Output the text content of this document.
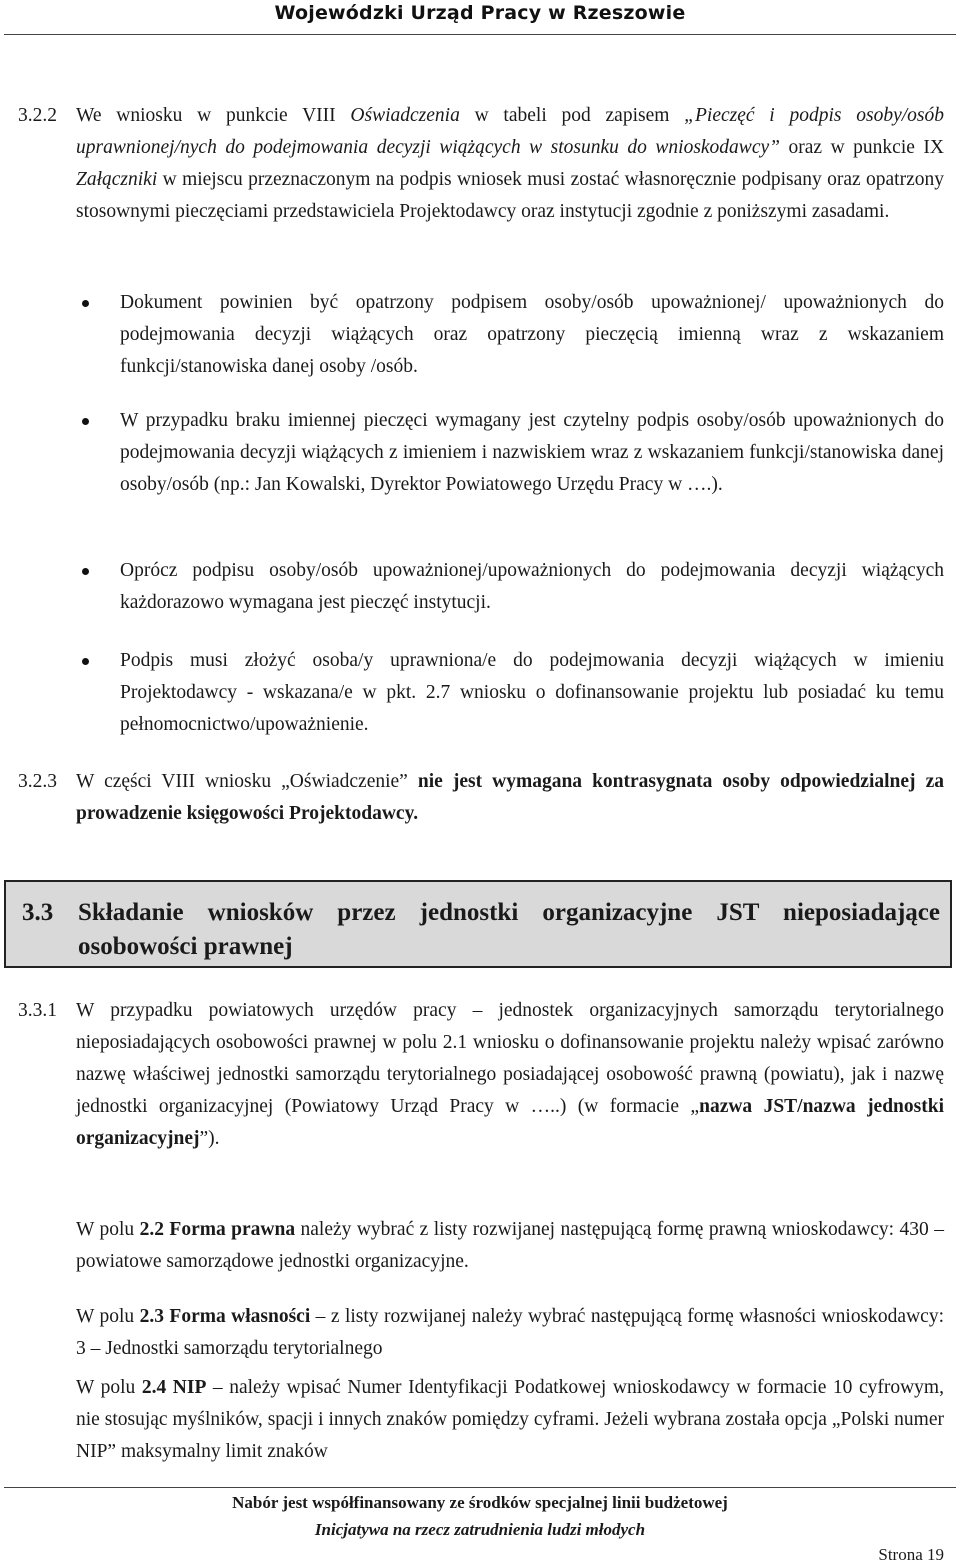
Wojewódzki Urząd Pracy w Rzeszowie
3.2.2 We wniosku w punkcie VIII Oświadczenia w tabeli pod zapisem „Pieczęć i podpis osoby/osób uprawnionej/nych do podejmowania decyzji wiążących w stosunku do wnioskodawcy” oraz w punkcie IX Załączniki w miejscu przeznaczonym na podpis wniosek musi zostać własnoręcznie podpisany oraz opatrzony stosownymi pieczęciami przedstawiciela Projektodawcy oraz instytucji zgodnie z poniższymi zasadami.
Dokument powinien być opatrzony podpisem osoby/osób upoważnionej/ upoważnionych do podejmowania decyzji wiążących oraz opatrzony pieczęcią imienną wraz z wskazaniem funkcji/stanowiska danej osoby /osób.
W przypadku braku imiennej pieczęci wymagany jest czytelny podpis osoby/osób upoważnionych do podejmowania decyzji wiążących z imieniem i nazwiskiem wraz z wskazaniem funkcji/stanowiska danej osoby/osób (np.: Jan Kowalski, Dyrektor Powiatowego Urzędu Pracy w ….).
Oprócz podpisu osoby/osób upoważnionej/upoważnionych do podejmowania decyzji wiążących każdorazowo wymagana jest pieczęć instytucji.
Podpis musi złożyć osoba/y uprawniona/e do podejmowania decyzji wiążących w imieniu Projektodawcy - wskazana/e w pkt. 2.7 wniosku o dofinansowanie projektu lub posiadać ku temu pełnomocnictwo/upoważnienie.
3.2.3 W części VIII wniosku „Oświadczenie” nie jest wymagana kontrasygnata osoby odpowiedzialnej za prowadzenie księgowości Projektodawcy.
3.3 Składanie wniosków przez jednostki organizacyjne JST nieposiadające osobowości prawnej
3.3.1 W przypadku powiatowych urzędów pracy – jednostek organizacyjnych samorządu terytorialnego nieposiadających osobowości prawnej w polu 2.1 wniosku o dofinansowanie projektu należy wpisać zarówno nazwę właściwej jednostki samorządu terytorialnego posiadającej osobowość prawną (powiatu), jak i nazwę jednostki organizacyjnej (Powiatowy Urząd Pracy w …..) (w formacie „nazwa JST/nazwa jednostki organizacyjnej”).
W polu 2.2 Forma prawna należy wybrać z listy rozwijanej następującą formę prawną wnioskodawcy: 430 – powiatowe samorządowe jednostki organizacyjne.
W polu 2.3 Forma własności – z listy rozwijanej należy wybrać następującą formę własności wnioskodawcy: 3 – Jednostki samorządu terytorialnego
W polu 2.4 NIP – należy wpisać Numer Identyfikacji Podatkowej wnioskodawcy w formacie 10 cyfrowym, nie stosując myślników, spacji i innych znaków pomiędzy cyframi. Jeżeli wybrana została opcja „Polski numer NIP” maksymalny limit znaków
Nabór jest współfinansowany ze środków specjalnej linii budżetowej
Inicjatywa na rzecz zatrudnienia ludzi młodych
Strona 19
